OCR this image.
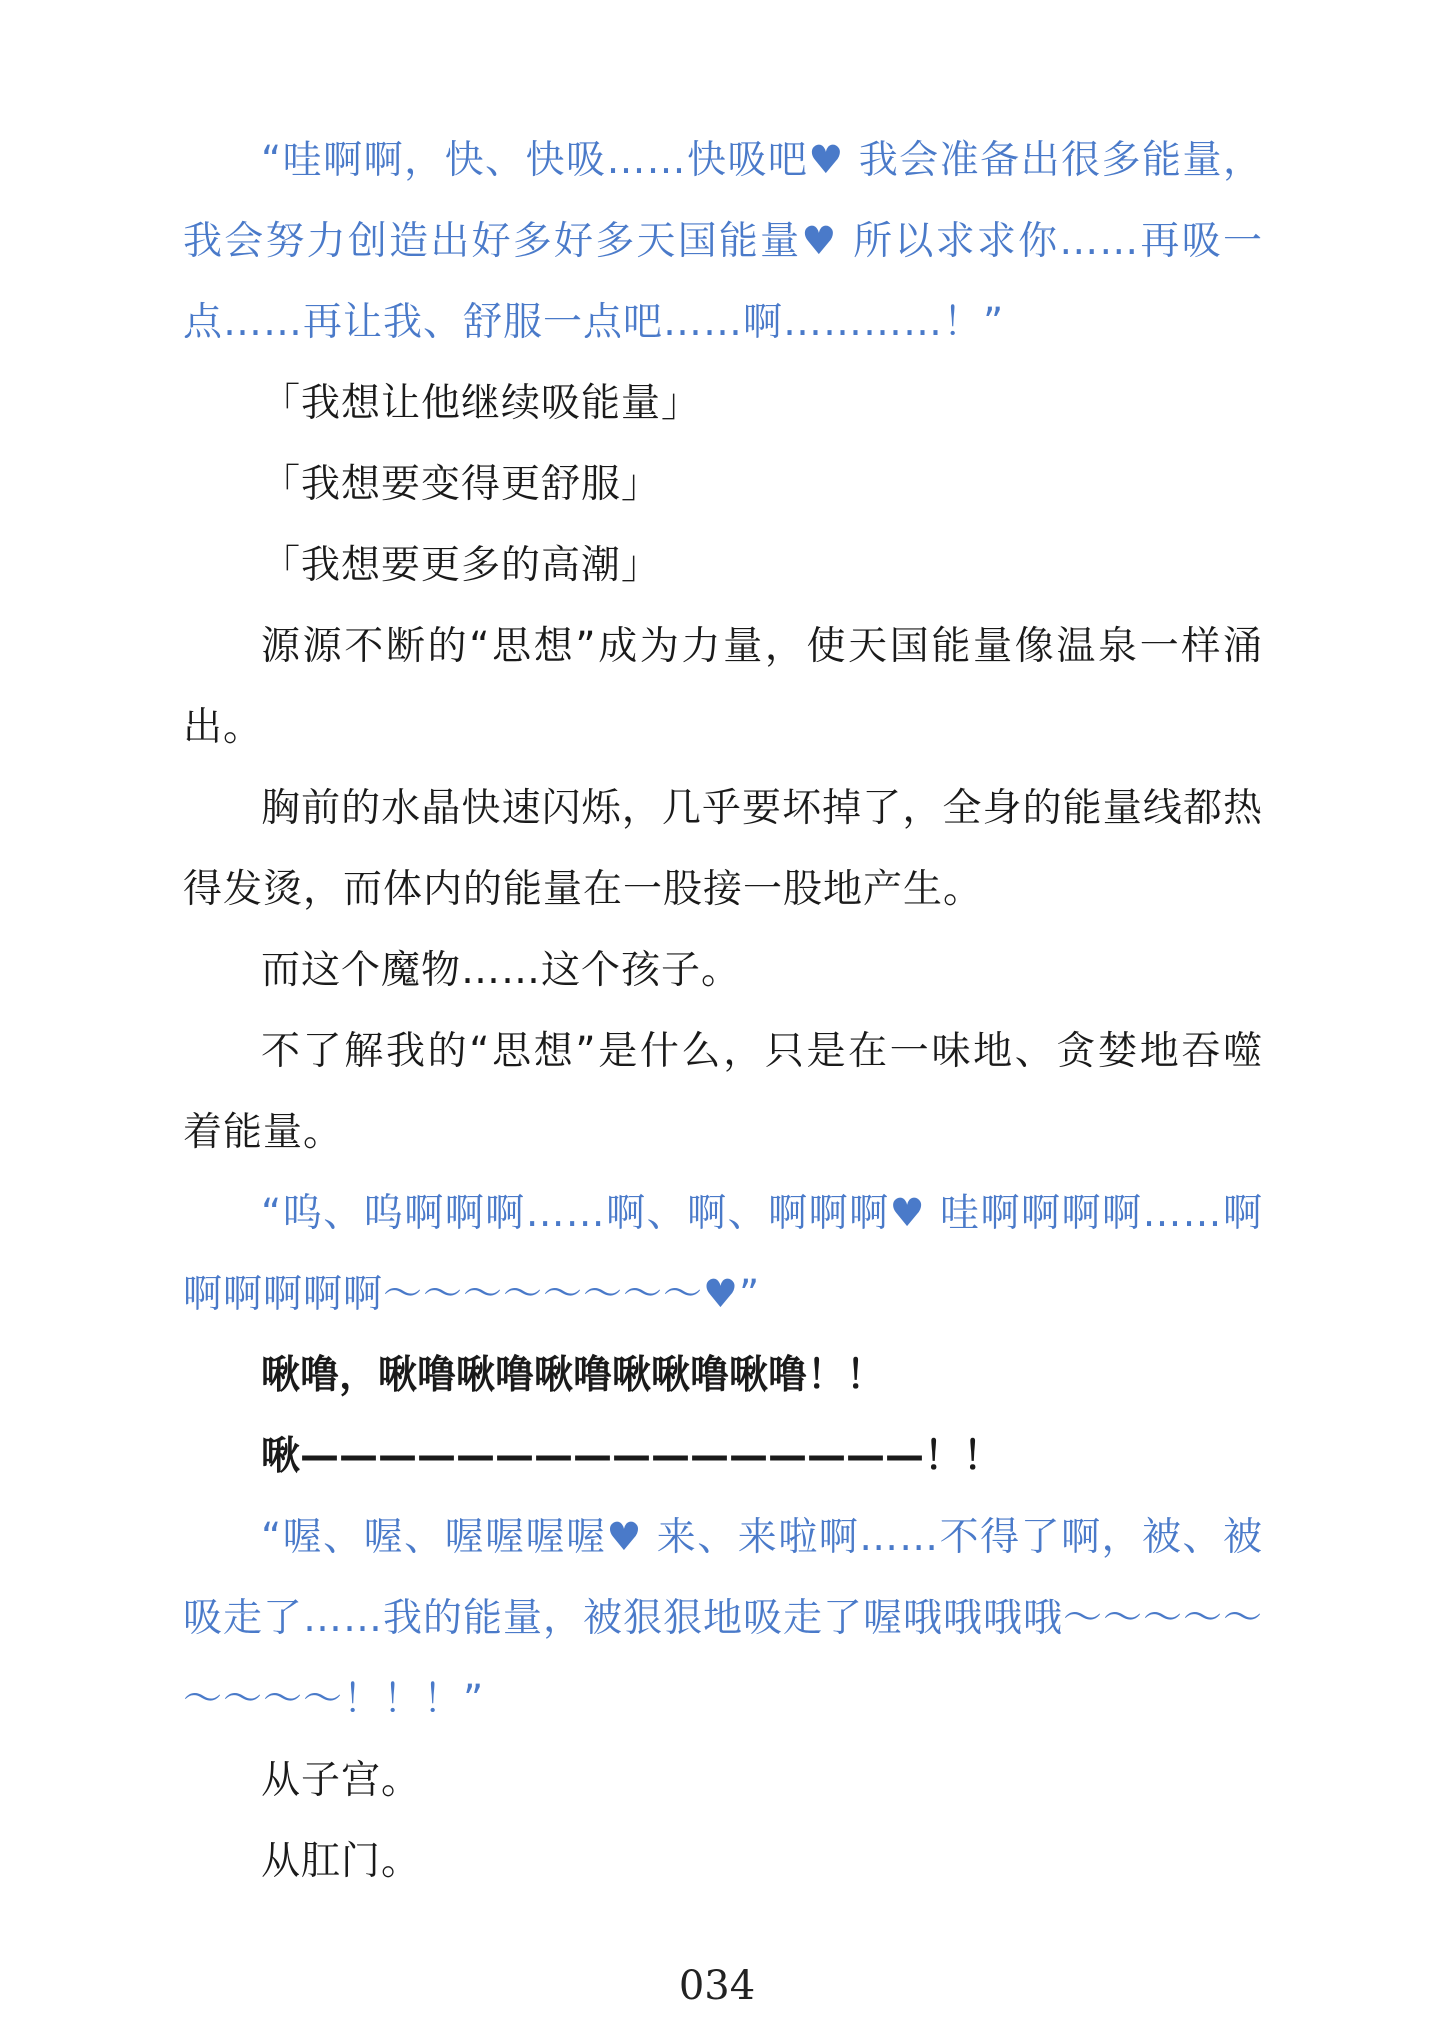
“哇啊啊，快、快吸……快吸吧♥ 我会准备出很多能量，我会努力创造出好多好多天国能量♥ 所以求求你……再吸一点……再让我、舒服一点吧……啊…………！”

「我想让他继续吸能量」

「我想要变得更舒服」

「我想要更多的高潮」

源源不断的“思想”成为力量，使天国能量像温泉一样涌出。

胸前的水晶快速闪烁，几乎要坏掉了，全身的能量线都热得发烫，而体内的能量在一股接一股地产生。

而这个魔物……这个孩子。

不了解我的“思想”是什么，只是在一味地、贪婪地吞噬着能量。

“呜、呜啊啊啊……啊、啊、啊啊啊♥ 哇啊啊啊啊……啊啊啊啊啊啊～～～～～～～～♥”

啾噜，啾噜啾噜啾噜啾啾噜啾噜！！

啾————————————————！！

“喔、喔、喔喔喔喔♥ 来、来啦啊……不得了啊，被、被吸走了……我的能量，被狠狠地吸走了喔哦哦哦哦～～～～～～～～～！！！”

从子宫。

从肛门。

034
